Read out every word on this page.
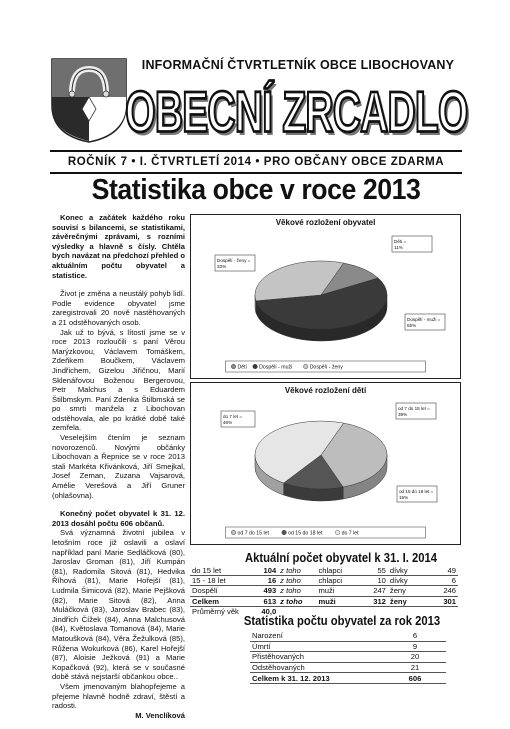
INFORMAČNÍ ČTVRTLETNÍK OBCE LIBOCHOVANY
OBECNÍ ZRCADLO
ROČNÍK 7 • I. ČTVRTLETÍ 2014 • PRO OBČANY OBCE ZDARMA
Statistika obce v roce 2013

Konec a začátek každého roku souvisí s bilancemi, se statistikami, závěrečnými zprávami, s rozními výsledky a hlavně s čísly. Chtěla bych navázat na předchozí přehled o aktuálním počtu obyvatel a statistice.

Život je změna a neustálý pohyb lidí. Podle evidence obyvatel jsme zaregistrovali 20 nově nastěhovaných a 21 odstěhovaných osob.

Jak už to bývá, s lítostí jsme se v roce 2013 rozloučili s paní Věrou Marýzkovou, Václavem Tomáškem, Zdeňkem Boučkem, Václavem Jindřichem, Gizelou Jiřičnou, Marií Sklenářovou Boženou Bergerovou, Petr Malchus a s Eduardem Štilbmskym. Paní Zdenka Štilbmská se po smrti manžela z Libochovan odstěhovala, ale po krátké době také zemřela.

Veselejším čtením je seznam novorozenců. Novými občánky Libochovan a Řepnice se v roce 2013 stali Markéta Křivánková, Jiří Smejkal, Josef Zeman, Zuzana Vajsarová, Amélie Verešová a Jiří Gruner (ohlašovna).

Konečný počet obyvatel k 31. 12. 2013 dosáhl počtu 606 občanů.

Svá významná životní jubilea v letošním roce již oslavili a oslaví například paní Marie Sedláčková (80), Jaroslav Groman (81), Jiří Kumpán (81), Radomila Sitová (81), Hedvika Říhová (81), Marie Hořejší (81), Ludmila Šimicová (82), Marie Pejšková (82), Marie Sitová (82), Anna Muláčková (83), Jaroslav Brabec (83), Jindřich Čížek (84), Anna Malchusová (84), Květoslava Tomanová (84), Marie Matoušková (84), Věra Žežulková (85), Růžena Wokurková (86), Karel Hořejší (87), Aloisie Ježková (91) a Marie Kopačková (92), která se v současné době stává nejstarší občankou obce..

Všem jmenovaným blahopřejeme a přejeme hlavně hodně zdraví, štěstí a radosti.

M. Venclíková

Věkové rozložení obyvatel
Děti =
11%
Dospělí - muži =
55%
Dospělí - ženy =
33%
Děti Dospělí - muži	Dospělí - ženy
Věkové rozložení dětí
od 7 do 15 let =
39%
od 15 do 18 let =
15%
do 7 let =
46%
od 7 do 15 let	od 15 do 18 let	do 7 let
Aktuální počet obyvatel k 31. I. 2014
do 15 let	104	z toho	chlapci	55	dívky	49
15 - 18 let	16	z toho	chlapci	10	dívky	6
Dospělí	493	z toho	muži	247	ženy	246
Celkem	613	z toho	muži	312	ženy	301
Průměrný věk	40,0					
Statistika počtu obyvatel za rok 2013
Narození	6
Úmrtí	9
Přistěhovaných	20
Odstěhovaných	21
Celkem k 31. 12. 2013	606
